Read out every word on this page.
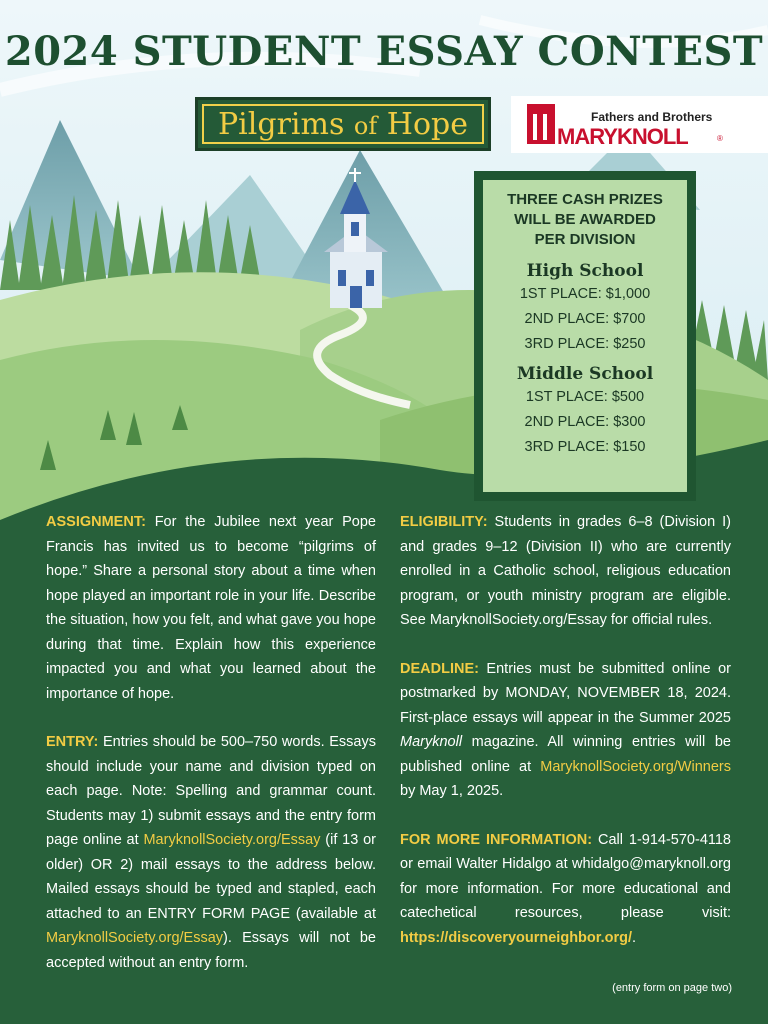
2024 STUDENT ESSAY CONTEST
Pilgrims of Hope	Fathers and Brothers
MARYKNOLL	®
THREE CASH PRIZES
WILL BE AWARDED
PER DIVISION
High School
1ST PLACE: $1,000
2ND PLACE: $700
3RD PLACE: $250
Middle School
1ST PLACE: $500
2ND PLACE: $300
3RD PLACE: $150

ASSIGNMENT: For the Jubilee next year Pope Francis has invited us to become “pilgrims of hope.” Share a personal story about a time when hope played an important role in your life. Describe the situation, how you felt, and what gave you hope during that time. Explain how this experience impacted you and what you learned about the importance of hope.

ENTRY: Entries should be 500–750 words. Essays should include your name and division typed on each page. Note: Spelling and grammar count. Students may 1) submit essays and the entry form page online at MaryknollSociety.org/Essay (if 13 or older) OR 2) mail essays to the address below. Mailed essays should be typed and stapled, each attached to an ENTRY FORM PAGE (available at MaryknollSociety.org/Essay). Essays will not be accepted without an entry form.

ELIGIBILITY: Students in grades 6–8 (Division I) and grades 9–12 (Division II) who are currently enrolled in a Catholic school, religious education program, or youth ministry program are eligible. See MaryknollSociety.org/Essay for official rules.

DEADLINE: Entries must be submitted online or postmarked by MONDAY, NOVEMBER 18, 2024. First-place essays will appear in the Summer 2025 Maryknoll magazine. All winning entries will be published online at MaryknollSociety.org/Winners by May 1, 2025.

FOR MORE INFORMATION: Call 1-914-570-4118 or email Walter Hidalgo at whidalgo@maryknoll.org for more information. For more educational and catechetical resources, please visit: https://discoveryourneighbor.org/.

(entry form on page two)
